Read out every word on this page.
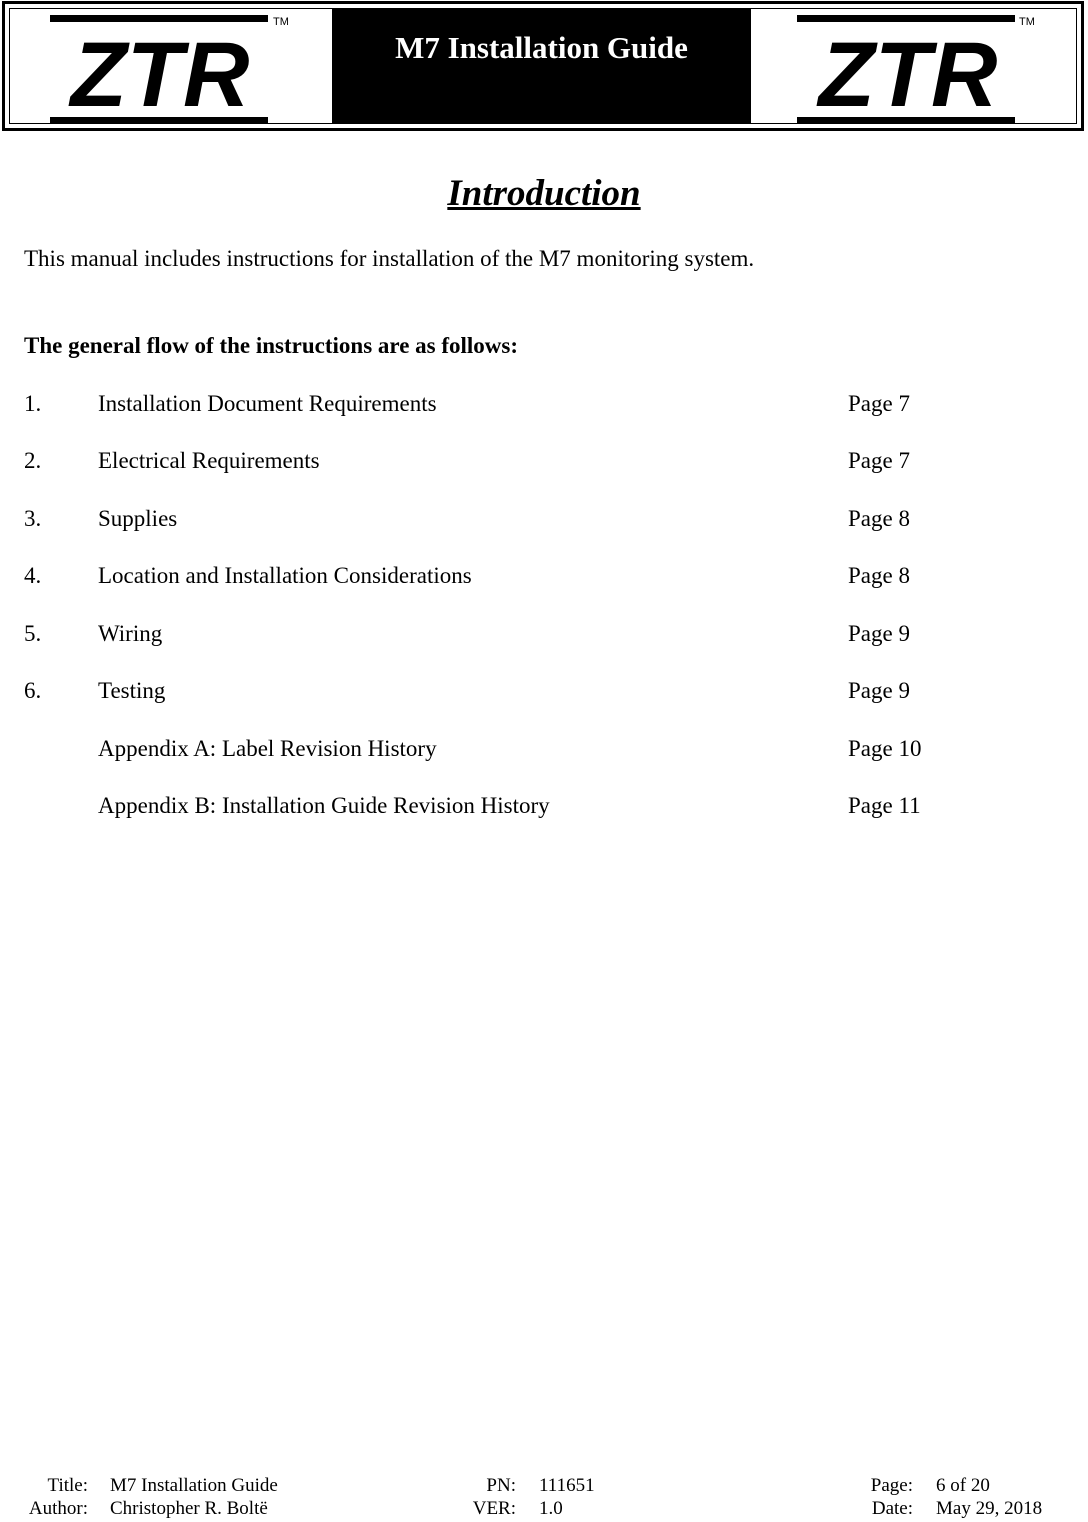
ZTR
TM
M7 Installation Guide ZTR
TM
Introduction
This manual includes instructions for installation of the M7 monitoring system.
The general flow of the instructions are as follows:
1. Installation Document Requirements	Page 7
2. Electrical Requirements	Page 7
3. Supplies	Page 8
4. Location and Installation Considerations	Page 8
5. Wiring	Page 9
6. Testing	Page 9
Appendix A: Label Revision History	Page 10
Appendix B: Installation Guide Revision History	Page 11
Title: M7 Installation Guide
Author: Christopher R. Boltë
PN: 111651
VER: 1.0
Page: 6 of 20
Date: May 29, 2018
